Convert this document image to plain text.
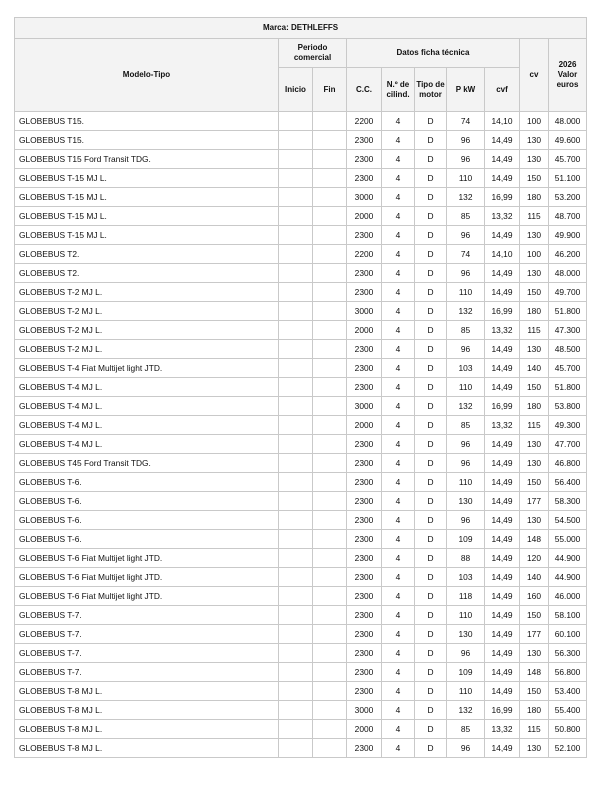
Marca: DETHLEFFS									
Modelo-Tipo	Periodo comercial		Datos ficha técnica					cv	2026 Valor euros
	Inicio	Fin	C.C.	N.º de cilind.	Tipo de motor	P kW	cvf		
GLOBEBUS T15.			2200	4	D	74	14,10	100	48.000
GLOBEBUS T15.			2300	4	D	96	14,49	130	49.600
GLOBEBUS T15 Ford Transit TDG.			2300	4	D	96	14,49	130	45.700
GLOBEBUS T-15 MJ L.			2300	4	D	110	14,49	150	51.100
GLOBEBUS T-15 MJ L.			3000	4	D	132	16,99	180	53.200
GLOBEBUS T-15 MJ L.			2000	4	D	85	13,32	115	48.700
GLOBEBUS T-15 MJ L.			2300	4	D	96	14,49	130	49.900
GLOBEBUS T2.			2200	4	D	74	14,10	100	46.200
GLOBEBUS T2.			2300	4	D	96	14,49	130	48.000
GLOBEBUS T-2 MJ L.			2300	4	D	110	14,49	150	49.700
GLOBEBUS T-2 MJ L.			3000	4	D	132	16,99	180	51.800
GLOBEBUS T-2 MJ L.			2000	4	D	85	13,32	115	47.300
GLOBEBUS T-2 MJ L.			2300	4	D	96	14,49	130	48.500
GLOBEBUS T-4 Fiat Multijet light JTD.			2300	4	D	103	14,49	140	45.700
GLOBEBUS T-4 MJ L.			2300	4	D	110	14,49	150	51.800
GLOBEBUS T-4 MJ L.			3000	4	D	132	16,99	180	53.800
GLOBEBUS T-4 MJ L.			2000	4	D	85	13,32	115	49.300
GLOBEBUS T-4 MJ L.			2300	4	D	96	14,49	130	47.700
GLOBEBUS T45 Ford Transit TDG.			2300	4	D	96	14,49	130	46.800
GLOBEBUS T-6.			2300	4	D	110	14,49	150	56.400
GLOBEBUS T-6.			2300	4	D	130	14,49	177	58.300
GLOBEBUS T-6.			2300	4	D	96	14,49	130	54.500
GLOBEBUS T-6.			2300	4	D	109	14,49	148	55.000
GLOBEBUS T-6 Fiat Multijet light JTD.			2300	4	D	88	14,49	120	44.900
GLOBEBUS T-6 Fiat Multijet light JTD.			2300	4	D	103	14,49	140	44.900
GLOBEBUS T-6 Fiat Multijet light JTD.			2300	4	D	118	14,49	160	46.000
GLOBEBUS T-7.			2300	4	D	110	14,49	150	58.100
GLOBEBUS T-7.			2300	4	D	130	14,49	177	60.100
GLOBEBUS T-7.			2300	4	D	96	14,49	130	56.300
GLOBEBUS T-7.			2300	4	D	109	14,49	148	56.800
GLOBEBUS T-8 MJ L.			2300	4	D	110	14,49	150	53.400
GLOBEBUS T-8 MJ L.			3000	4	D	132	16,99	180	55.400
GLOBEBUS T-8 MJ L.			2000	4	D	85	13,32	115	50.800
GLOBEBUS T-8 MJ L.			2300	4	D	96	14,49	130	52.100
